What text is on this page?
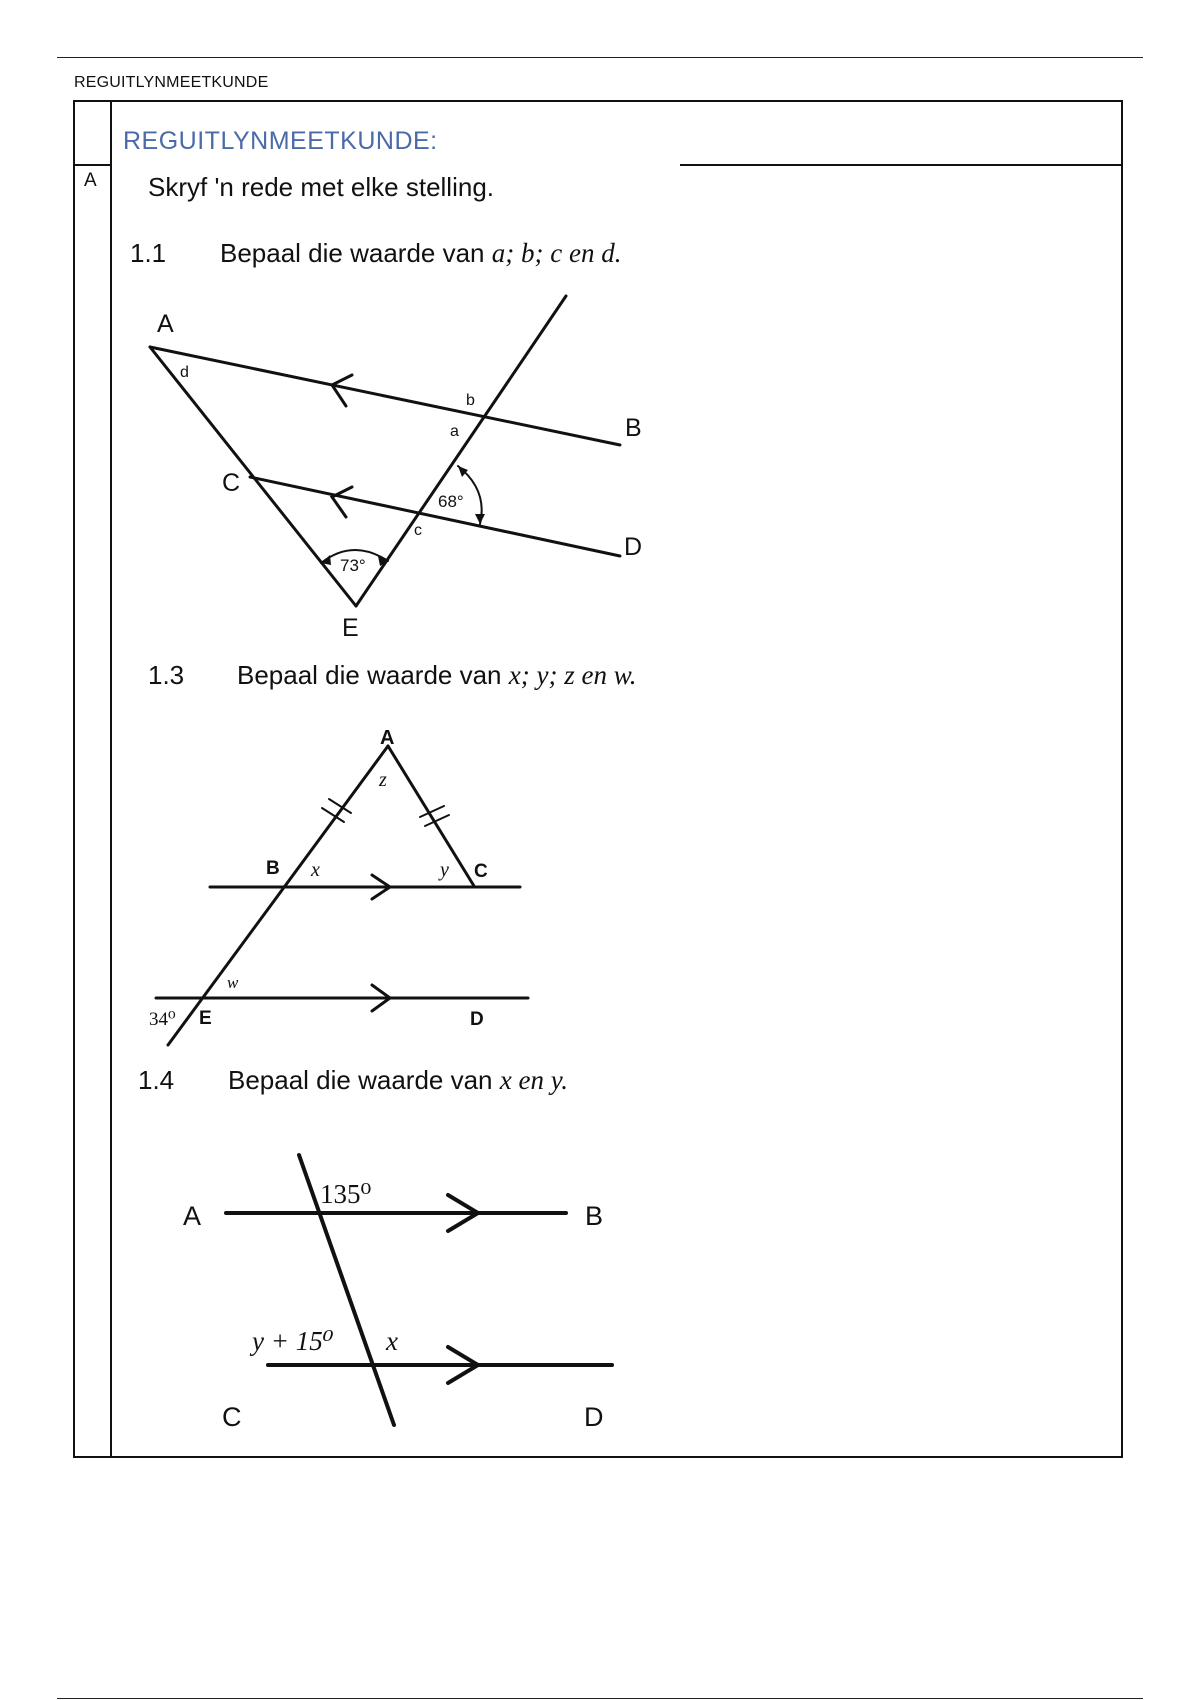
REGUITLYNMEETKUNDE
REGUITLYNMEETKUNDE:
A Skryf 'n rede met elke stelling.
1.1 Bepaal die waarde van a; b; c en d.
A
B
C
D
E
d
b
a
c
68°
73°
1.3 Bepaal die waarde van x; y; z en w.
A
B	C
E	D
z
x	y
w
34⁰
1.4 Bepaal die waarde van x en y.
A	B
C	D
135⁰
y + 15⁰ x
